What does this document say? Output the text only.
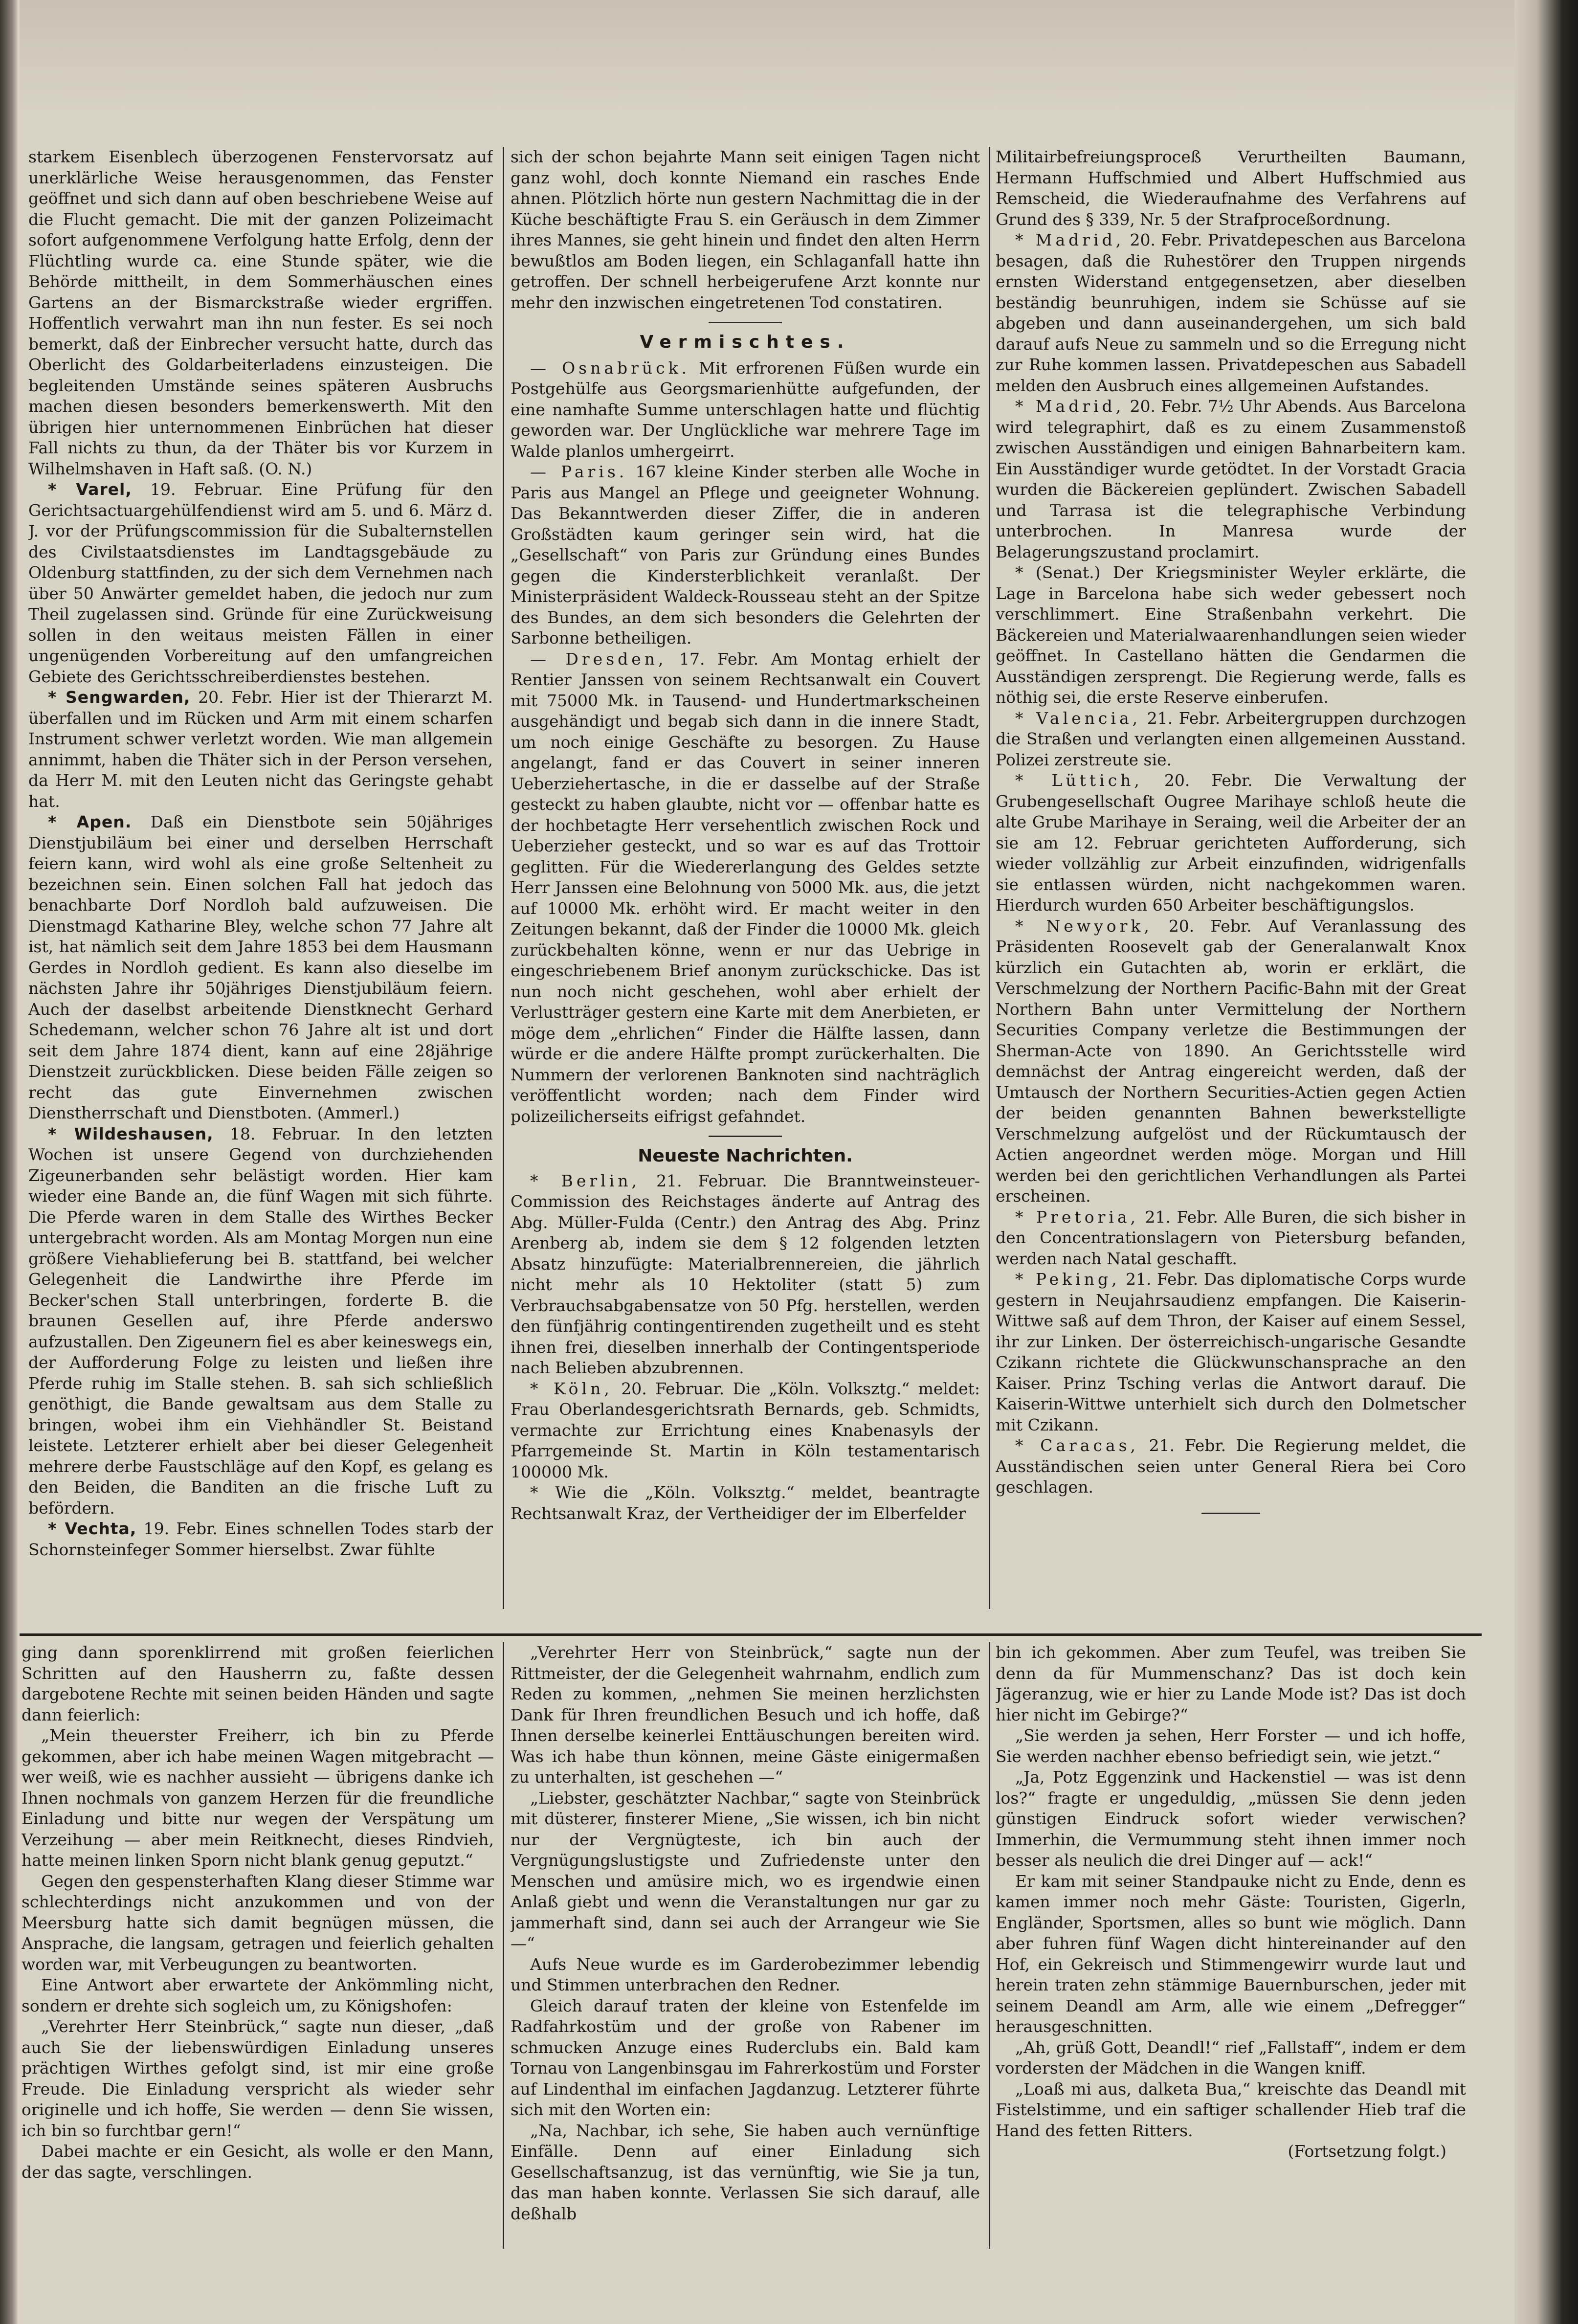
starkem Eisenblech überzogenen Fenstervorsatz auf unerklärliche Weise herausgenommen, das Fenster geöffnet und sich dann auf oben beschriebene Weise auf die Flucht gemacht. Die mit der ganzen Polizeimacht sofort aufgenommene Verfolgung hatte Erfolg, denn der Flüchtling wurde ca. eine Stunde später, wie die Behörde mittheilt, in dem Sommerhäuschen eines Gartens an der Bismarckstraße wieder ergriffen. Hoffentlich verwahrt man ihn nun fester. Es sei noch bemerkt, daß der Einbrecher versucht hatte, durch das Oberlicht des Goldarbeiterladens einzusteigen. Die begleitenden Umstände seines späteren Ausbruchs machen diesen besonders bemerkenswerth. Mit den übrigen hier unternommenen Einbrüchen hat dieser Fall nichts zu thun, da der Thäter bis vor Kurzem in Wilhelmshaven in Haft saß. (O. N.)

* Varel, 19. Februar. Eine Prüfung für den Gerichtsactuargehülfendienst wird am 5. und 6. März d. J. vor der Prüfungscommission für die Subalternstellen des Civilstaatsdienstes im Landtagsgebäude zu Oldenburg stattfinden, zu der sich dem Vernehmen nach über 50 Anwärter gemeldet haben, die jedoch nur zum Theil zugelassen sind. Gründe für eine Zurückweisung sollen in den weitaus meisten Fällen in einer ungenügenden Vorbereitung auf den umfangreichen Gebiete des Gerichtsschreiberdienstes bestehen.

* Sengwarden, 20. Febr. Hier ist der Thierarzt M. überfallen und im Rücken und Arm mit einem scharfen Instrument schwer verletzt worden. Wie man allgemein annimmt, haben die Thäter sich in der Person versehen, da Herr M. mit den Leuten nicht das Geringste gehabt hat.

* Apen. Daß ein Dienstbote sein 50jähriges Dienstjubiläum bei einer und derselben Herrschaft feiern kann, wird wohl als eine große Seltenheit zu bezeichnen sein. Einen solchen Fall hat jedoch das benachbarte Dorf Nordloh bald aufzuweisen. Die Dienstmagd Katharine Bley, welche schon 77 Jahre alt ist, hat nämlich seit dem Jahre 1853 bei dem Hausmann Gerdes in Nordloh gedient. Es kann also dieselbe im nächsten Jahre ihr 50jähriges Dienstjubiläum feiern. Auch der daselbst arbeitende Dienstknecht Gerhard Schedemann, welcher schon 76 Jahre alt ist und dort seit dem Jahre 1874 dient, kann auf eine 28jährige Dienstzeit zurückblicken. Diese beiden Fälle zeigen so recht das gute Einvernehmen zwischen Dienstherrschaft und Dienstboten. (Ammerl.)

* Wildeshausen, 18. Februar. In den letzten Wochen ist unsere Gegend von durchziehenden Zigeunerbanden sehr belästigt worden. Hier kam wieder eine Bande an, die fünf Wagen mit sich führte. Die Pferde waren in dem Stalle des Wirthes Becker untergebracht worden. Als am Montag Morgen nun eine größere Viehablieferung bei B. stattfand, bei welcher Gelegenheit die Landwirthe ihre Pferde im Becker'schen Stall unterbringen, forderte B. die braunen Gesellen auf, ihre Pferde anderswo aufzustallen. Den Zigeunern fiel es aber keineswegs ein, der Aufforderung Folge zu leisten und ließen ihre Pferde ruhig im Stalle stehen. B. sah sich schließlich genöthigt, die Bande gewaltsam aus dem Stalle zu bringen, wobei ihm ein Viehhändler St. Beistand leistete. Letzterer erhielt aber bei dieser Gelegenheit mehrere derbe Faustschläge auf den Kopf, es gelang es den Beiden, die Banditen an die frische Luft zu befördern.

* Vechta, 19. Febr. Eines schnellen Todes starb der Schornsteinfeger Sommer hierselbst. Zwar fühlte

sich der schon bejahrte Mann seit einigen Tagen nicht ganz wohl, doch konnte Niemand ein rasches Ende ahnen. Plötzlich hörte nun gestern Nachmittag die in der Küche beschäftigte Frau S. ein Geräusch in dem Zimmer ihres Mannes, sie geht hinein und findet den alten Herrn bewußtlos am Boden liegen, ein Schlaganfall hatte ihn getroffen. Der schnell herbeigerufene Arzt konnte nur mehr den inzwischen eingetretenen Tod constatiren.

Vermischtes.

— Osnabrück. Mit erfrorenen Füßen wurde ein Postgehülfe aus Georgsmarienhütte aufgefunden, der eine namhafte Summe unterschlagen hatte und flüchtig geworden war. Der Unglückliche war mehrere Tage im Walde planlos umhergeirrt.

— Paris. 167 kleine Kinder sterben alle Woche in Paris aus Mangel an Pflege und geeigneter Wohnung. Das Bekanntwerden dieser Ziffer, die in anderen Großstädten kaum geringer sein wird, hat die „Gesellschaft“ von Paris zur Gründung eines Bundes gegen die Kindersterblichkeit veranlaßt. Der Ministerpräsident Waldeck-Rousseau steht an der Spitze des Bundes, an dem sich besonders die Gelehrten der Sarbonne betheiligen.

— Dresden, 17. Febr. Am Montag erhielt der Rentier Janssen von seinem Rechtsanwalt ein Couvert mit 75000 Mk. in Tausend- und Hundertmarkscheinen ausgehändigt und begab sich dann in die innere Stadt, um noch einige Geschäfte zu besorgen. Zu Hause angelangt, fand er das Couvert in seiner inneren Ueberziehertasche, in die er dasselbe auf der Straße gesteckt zu haben glaubte, nicht vor — offenbar hatte es der hochbetagte Herr versehentlich zwischen Rock und Ueberzieher gesteckt, und so war es auf das Trottoir geglitten. Für die Wiedererlangung des Geldes setzte Herr Janssen eine Belohnung von 5000 Mk. aus, die jetzt auf 10000 Mk. erhöht wird. Er macht weiter in den Zeitungen bekannt, daß der Finder die 10000 Mk. gleich zurückbehalten könne, wenn er nur das Uebrige in eingeschriebenem Brief anonym zurückschicke. Das ist nun noch nicht geschehen, wohl aber erhielt der Verlustträger gestern eine Karte mit dem Anerbieten, er möge dem „ehrlichen“ Finder die Hälfte lassen, dann würde er die andere Hälfte prompt zurückerhalten. Die Nummern der verlorenen Banknoten sind nachträglich veröffentlicht worden; nach dem Finder wird polizeilicherseits eifrigst gefahndet.

Neueste Nachrichten.

* Berlin, 21. Februar. Die Branntweinsteuer-Commission des Reichstages änderte auf Antrag des Abg. Müller-Fulda (Centr.) den Antrag des Abg. Prinz Arenberg ab, indem sie dem § 12 folgenden letzten Absatz hinzufügte: Materialbrennereien, die jährlich nicht mehr als 10 Hektoliter (statt 5) zum Verbrauchsabgabensatze von 50 Pfg. herstellen, werden den fünfjährig contingentirenden zugetheilt und es steht ihnen frei, dieselben innerhalb der Contingentsperiode nach Belieben abzubrennen.

* Köln, 20. Februar. Die „Köln. Volksztg.“ meldet: Frau Oberlandesgerichtsrath Bernards, geb. Schmidts, vermachte zur Errichtung eines Knabenasyls der Pfarrgemeinde St. Martin in Köln testamentarisch 100000 Mk.

* Wie die „Köln. Volksztg.“ meldet, beantragte Rechtsanwalt Kraz, der Vertheidiger der im Elberfelder

Militairbefreiungsproceß Verurtheilten Baumann, Hermann Huffschmied und Albert Huffschmied aus Remscheid, die Wiederaufnahme des Verfahrens auf Grund des § 339, Nr. 5 der Strafproceßordnung.

* Madrid, 20. Febr. Privatdepeschen aus Barcelona besagen, daß die Ruhestörer den Truppen nirgends ernsten Widerstand entgegensetzen, aber dieselben beständig beunruhigen, indem sie Schüsse auf sie abgeben und dann auseinandergehen, um sich bald darauf aufs Neue zu sammeln und so die Erregung nicht zur Ruhe kommen lassen. Privatdepeschen aus Sabadell melden den Ausbruch eines allgemeinen Aufstandes.

* Madrid, 20. Febr. 7½ Uhr Abends. Aus Barcelona wird telegraphirt, daß es zu einem Zusammenstoß zwischen Ausständigen und einigen Bahnarbeitern kam. Ein Ausständiger wurde getödtet. In der Vorstadt Gracia wurden die Bäckereien geplündert. Zwischen Sabadell und Tarrasa ist die telegraphische Verbindung unterbrochen. In Manresa wurde der Belagerungszustand proclamirt.

* (Senat.) Der Kriegsminister Weyler erklärte, die Lage in Barcelona habe sich weder gebessert noch verschlimmert. Eine Straßenbahn verkehrt. Die Bäckereien und Materialwaarenhandlungen seien wieder geöffnet. In Castellano hätten die Gendarmen die Ausständigen zersprengt. Die Regierung werde, falls es nöthig sei, die erste Reserve einberufen.

* Valencia, 21. Febr. Arbeitergruppen durchzogen die Straßen und verlangten einen allgemeinen Ausstand. Polizei zerstreute sie.

* Lüttich, 20. Febr. Die Verwaltung der Grubengesellschaft Ougree Marihaye schloß heute die alte Grube Marihaye in Seraing, weil die Arbeiter der an sie am 12. Februar gerichteten Aufforderung, sich wieder vollzählig zur Arbeit einzufinden, widrigenfalls sie entlassen würden, nicht nachgekommen waren. Hierdurch wurden 650 Arbeiter beschäftigungslos.

* Newyork, 20. Febr. Auf Veranlassung des Präsidenten Roosevelt gab der Generalanwalt Knox kürzlich ein Gutachten ab, worin er erklärt, die Verschmelzung der Northern Pacific-Bahn mit der Great Northern Bahn unter Vermittelung der Northern Securities Company verletze die Bestimmungen der Sherman-Acte von 1890. An Gerichtsstelle wird demnächst der Antrag eingereicht werden, daß der Umtausch der Northern Securities-Actien gegen Actien der beiden genannten Bahnen bewerkstelligte Verschmelzung aufgelöst und der Rückumtausch der Actien angeordnet werden möge. Morgan und Hill werden bei den gerichtlichen Verhandlungen als Partei erscheinen.

* Pretoria, 21. Febr. Alle Buren, die sich bisher in den Concentrationslagern von Pietersburg befanden, werden nach Natal geschafft.

* Peking, 21. Febr. Das diplomatische Corps wurde gestern in Neujahrsaudienz empfangen. Die Kaiserin-Wittwe saß auf dem Thron, der Kaiser auf einem Sessel, ihr zur Linken. Der österreichisch-ungarische Gesandte Czikann richtete die Glückwunschansprache an den Kaiser. Prinz Tsching verlas die Antwort darauf. Die Kaiserin-Wittwe unterhielt sich durch den Dolmetscher mit Czikann.

* Caracas, 21. Febr. Die Regierung meldet, die Ausständischen seien unter General Riera bei Coro geschlagen.

ging dann sporenklirrend mit großen feierlichen Schritten auf den Hausherrn zu, faßte dessen dargebotene Rechte mit seinen beiden Händen und sagte dann feierlich:

„Mein theuerster Freiherr, ich bin zu Pferde gekommen, aber ich habe meinen Wagen mitgebracht — wer weiß, wie es nachher aussieht — übrigens danke ich Ihnen nochmals von ganzem Herzen für die freundliche Einladung und bitte nur wegen der Verspätung um Verzeihung — aber mein Reitknecht, dieses Rindvieh, hatte meinen linken Sporn nicht blank genug geputzt.“

Gegen den gespensterhaften Klang dieser Stimme war schlechterdings nicht anzukommen und von der Meersburg hatte sich damit begnügen müssen, die Ansprache, die langsam, getragen und feierlich gehalten worden war, mit Verbeugungen zu beantworten.

Eine Antwort aber erwartete der Ankömmling nicht, sondern er drehte sich sogleich um, zu Königshofen:

„Verehrter Herr Steinbrück,“ sagte nun dieser, „daß auch Sie der liebenswürdigen Einladung unseres prächtigen Wirthes gefolgt sind, ist mir eine große Freude. Die Einladung verspricht als wieder sehr originelle und ich hoffe, Sie werden — denn Sie wissen, ich bin so furchtbar gern!“

Dabei machte er ein Gesicht, als wolle er den Mann, der das sagte, verschlingen.

„Verehrter Herr von Steinbrück,“ sagte nun der Rittmeister, der die Gelegenheit wahrnahm, endlich zum Reden zu kommen, „nehmen Sie meinen herzlichsten Dank für Ihren freundlichen Besuch und ich hoffe, daß Ihnen derselbe keinerlei Enttäuschungen bereiten wird. Was ich habe thun können, meine Gäste einigermaßen zu unterhalten, ist geschehen —“

„Liebster, geschätzter Nachbar,“ sagte von Steinbrück mit düsterer, finsterer Miene, „Sie wissen, ich bin nicht nur der Vergnügteste, ich bin auch der Vergnügungslustigste und Zufriedenste unter den Menschen und amüsire mich, wo es irgendwie einen Anlaß giebt und wenn die Veranstaltungen nur gar zu jammerhaft sind, dann sei auch der Arrangeur wie Sie —“

Aufs Neue wurde es im Garderobezimmer lebendig und Stimmen unterbrachen den Redner.

Gleich darauf traten der kleine von Estenfelde im Radfahrkostüm und der große von Rabener im schmucken Anzuge eines Ruderclubs ein. Bald kam Tornau von Langenbinsgau im Fahrerkostüm und Forster auf Lindenthal im einfachen Jagdanzug. Letzterer führte sich mit den Worten ein:

„Na, Nachbar, ich sehe, Sie haben auch vernünftige Einfälle. Denn auf einer Einladung sich Gesellschaftsanzug, ist das vernünftig, wie Sie ja tun, das man haben konnte. Verlassen Sie sich darauf, alle deßhalb

bin ich gekommen. Aber zum Teufel, was treiben Sie denn da für Mummenschanz? Das ist doch kein Jägeranzug, wie er hier zu Lande Mode ist? Das ist doch hier nicht im Gebirge?“

„Sie werden ja sehen, Herr Forster — und ich hoffe, Sie werden nachher ebenso befriedigt sein, wie jetzt.“

„Ja, Potz Eggenzink und Hackenstiel — was ist denn los?“ fragte er ungeduldig, „müssen Sie denn jeden günstigen Eindruck sofort wieder verwischen? Immerhin, die Vermummung steht ihnen immer noch besser als neulich die drei Dinger auf — ack!“

Er kam mit seiner Standpauke nicht zu Ende, denn es kamen immer noch mehr Gäste: Touristen, Gigerln, Engländer, Sportsmen, alles so bunt wie möglich. Dann aber fuhren fünf Wagen dicht hintereinander auf den Hof, ein Gekreisch und Stimmengewirr wurde laut und herein traten zehn stämmige Bauernburschen, jeder mit seinem Deandl am Arm, alle wie einem „Defregger“ herausgeschnitten.

„Ah, grüß Gott, Deandl!“ rief „Fallstaff“, indem er dem vordersten der Mädchen in die Wangen kniff.

„Loaß mi aus, dalketa Bua,“ kreischte das Deandl mit Fistelstimme, und ein saftiger schallender Hieb traf die Hand des fetten Ritters.

(Fortsetzung folgt.)
